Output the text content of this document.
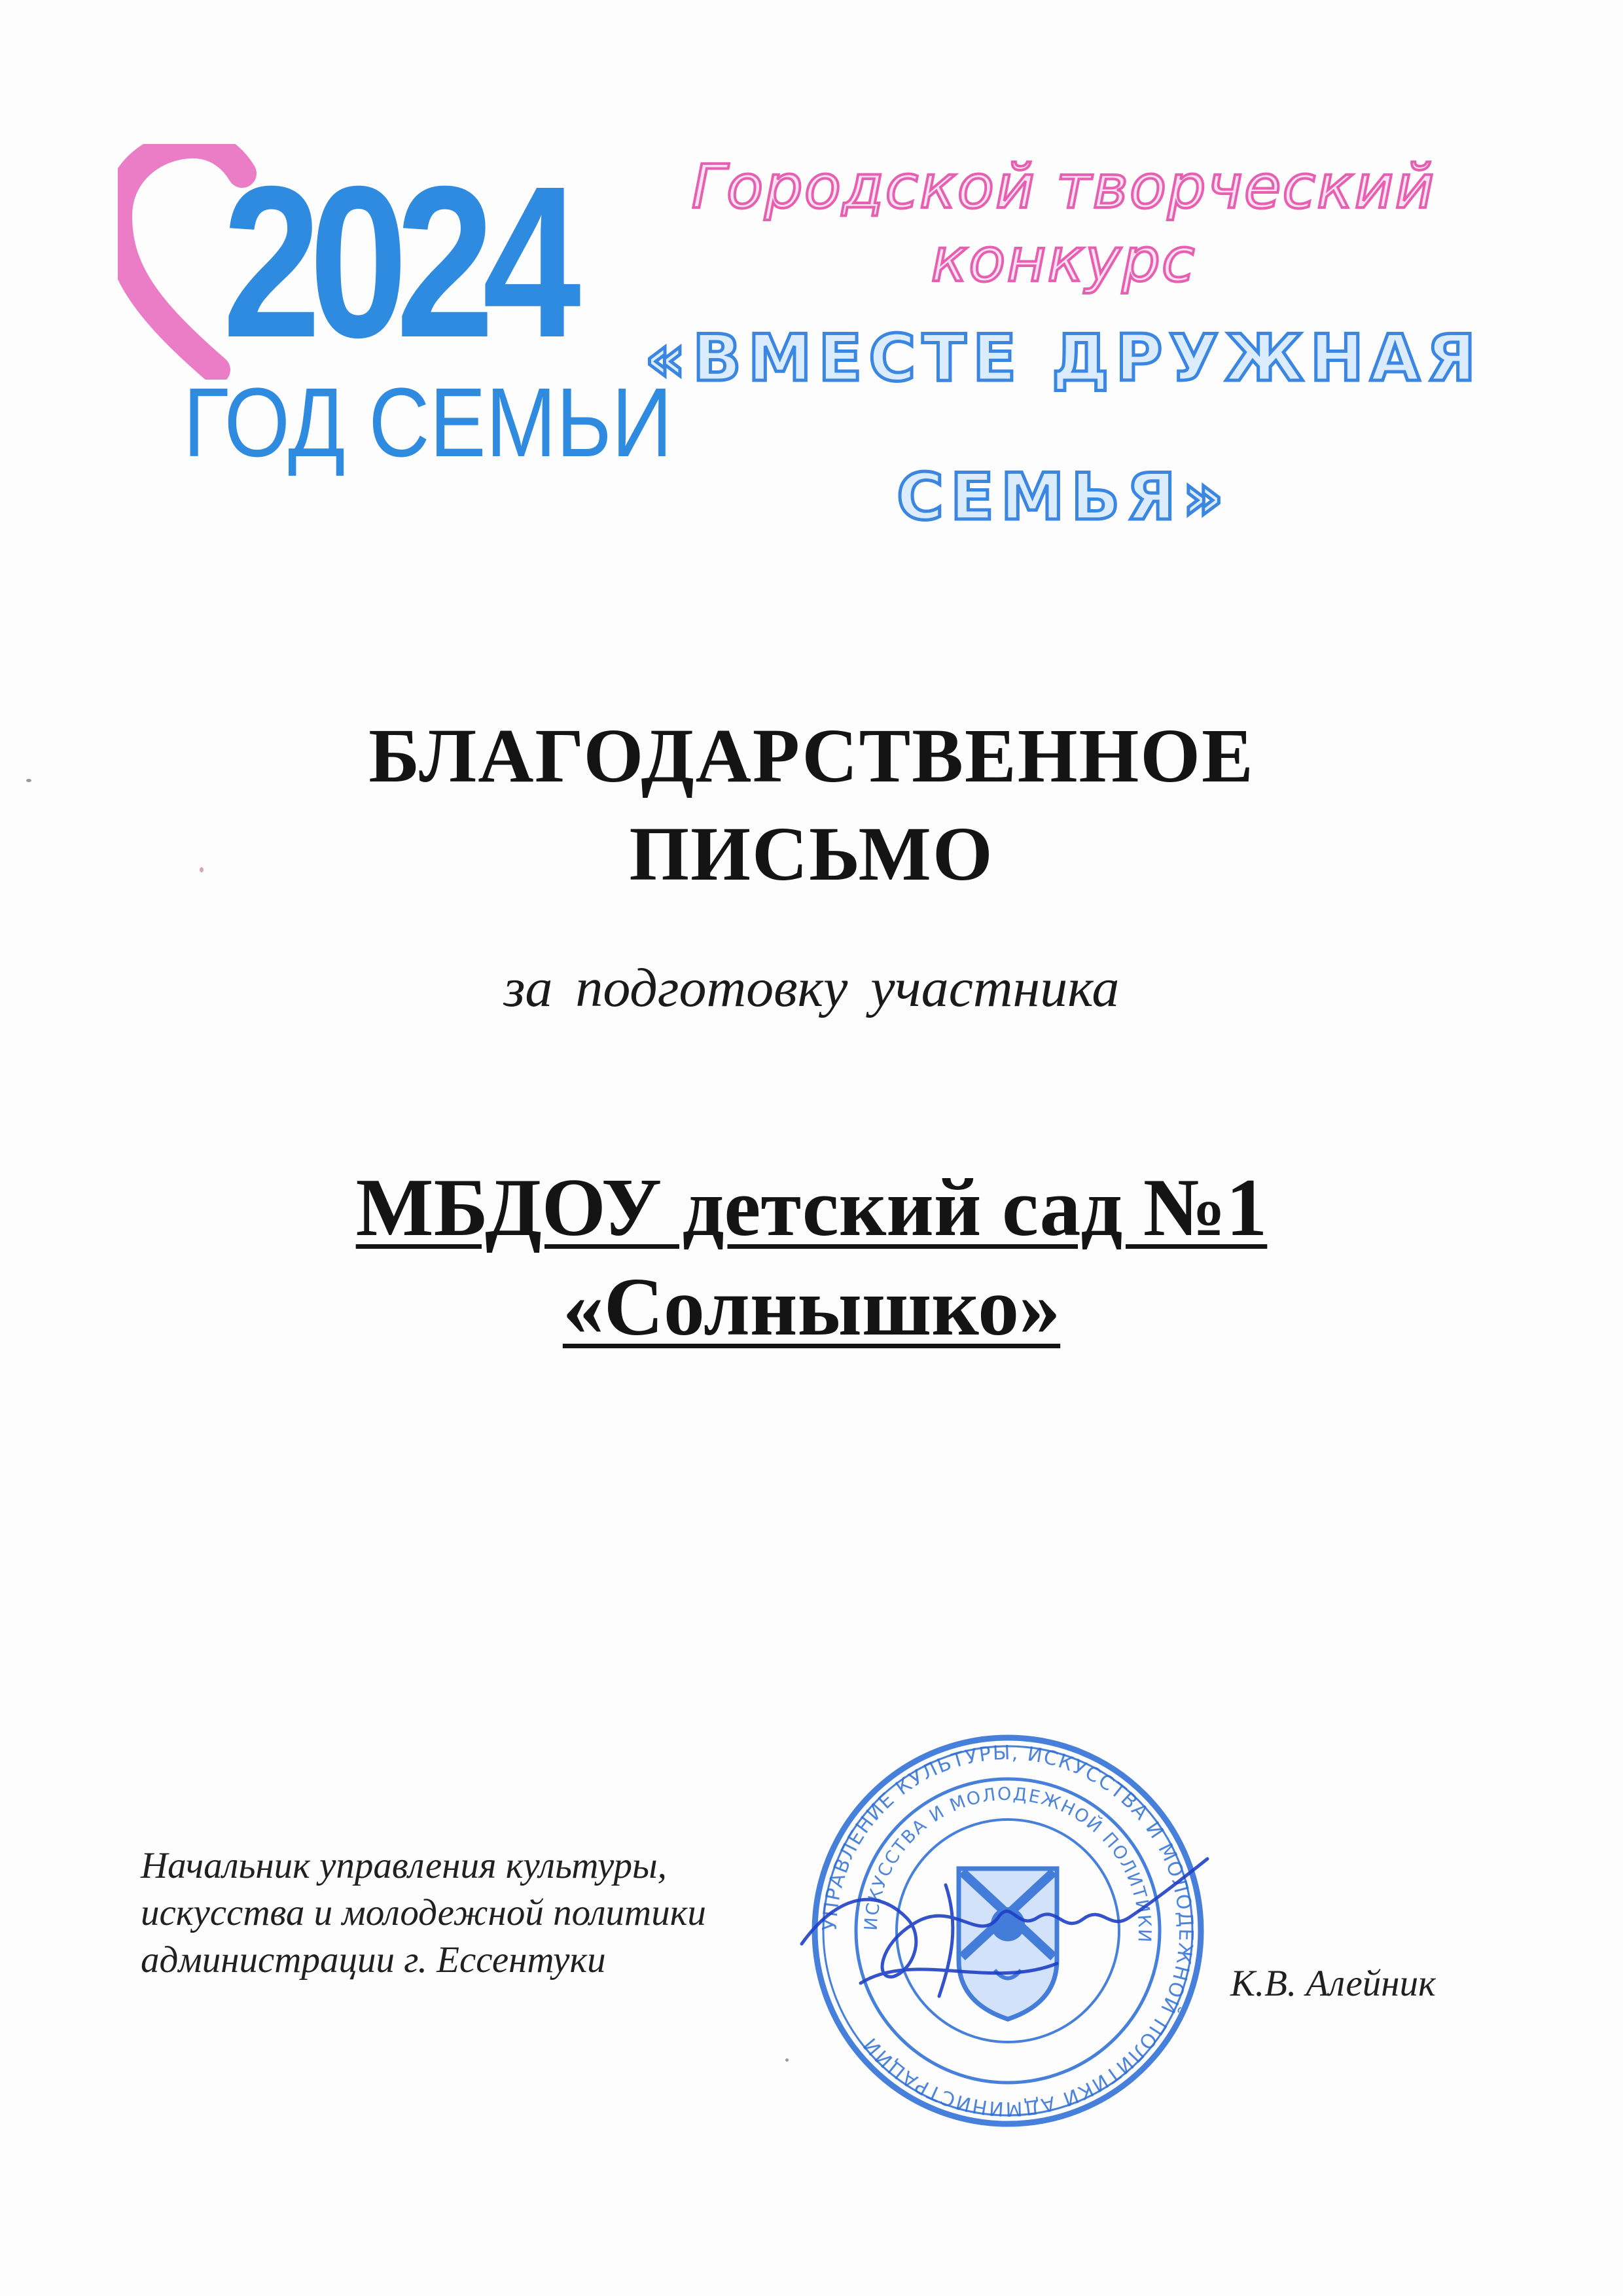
2024
ГОД СЕМЬИ
Городской творческий
конкурс
«ВМЕСТЕ ДРУЖНАЯ
СЕМЬЯ»
БЛАГОДАРСТВЕННОЕ
ПИСЬМО
за подготовку участника
МБДОУ детский сад №1
«Солнышко»
Начальник управления культуры,
искусства и молодежной политики
администрации г. Ессентуки
УПРАВЛЕНИЕ КУЛЬТУРЫ, ИСКУССТВА И МОЛОДЕЖНОЙ ПОЛИТИКИ АДМИНИСТРАЦИИ
ИСКУССТВА И МОЛОДЕЖНОЙ ПОЛИТИКИ
К.В. Алейник
